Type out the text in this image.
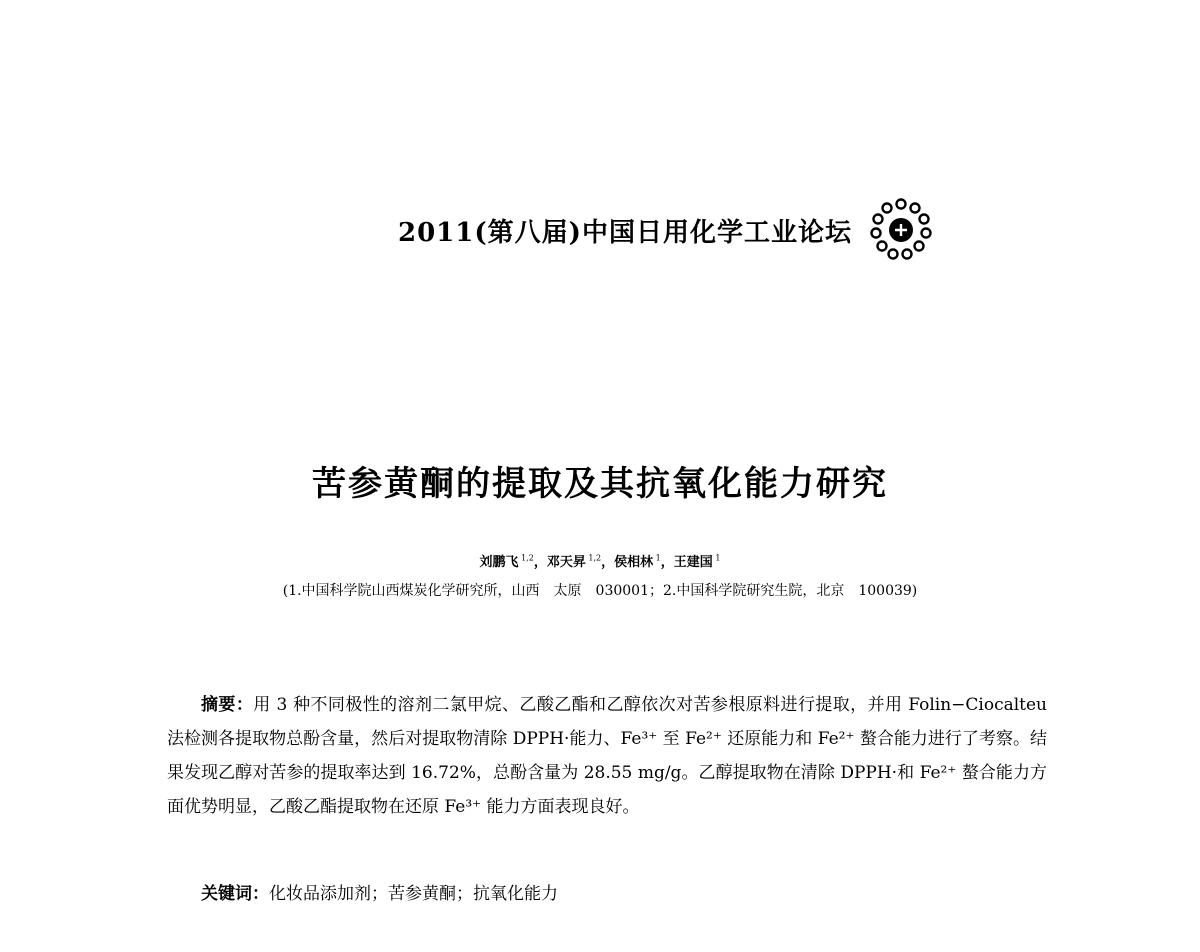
2011(第八届)中国日用化学工业论坛
苦参黄酮的提取及其抗氧化能力研究
刘鹏飞 $^{1,2}$，邓天昇 $^{1,2}$，侯相林 $^1$，王建国 $^1$
(1.中国科学院山西煤炭化学研究所，山西　太原　030001；2.中国科学院研究生院，北京　100039)

摘要：用 3 种不同极性的溶剂二氯甲烷、乙酸乙酯和乙醇依次对苦参根原料进行提取，并用 Folin−Ciocalteu 法检测各提取物总酚含量，然后对提取物清除 DPPH·能力、Fe³⁺ 至 Fe²⁺ 还原能力和 Fe²⁺ 螯合能力进行了考察。结果发现乙醇对苦参的提取率达到 16.72%，总酚含量为 28.55 mg/g。乙醇提取物在清除 DPPH·和 Fe²⁺ 螯合能力方面优势明显，乙酸乙酯提取物在还原 Fe³⁺ 能力方面表现良好。

关键词：化妆品添加剂；苦参黄酮；抗氧化能力
